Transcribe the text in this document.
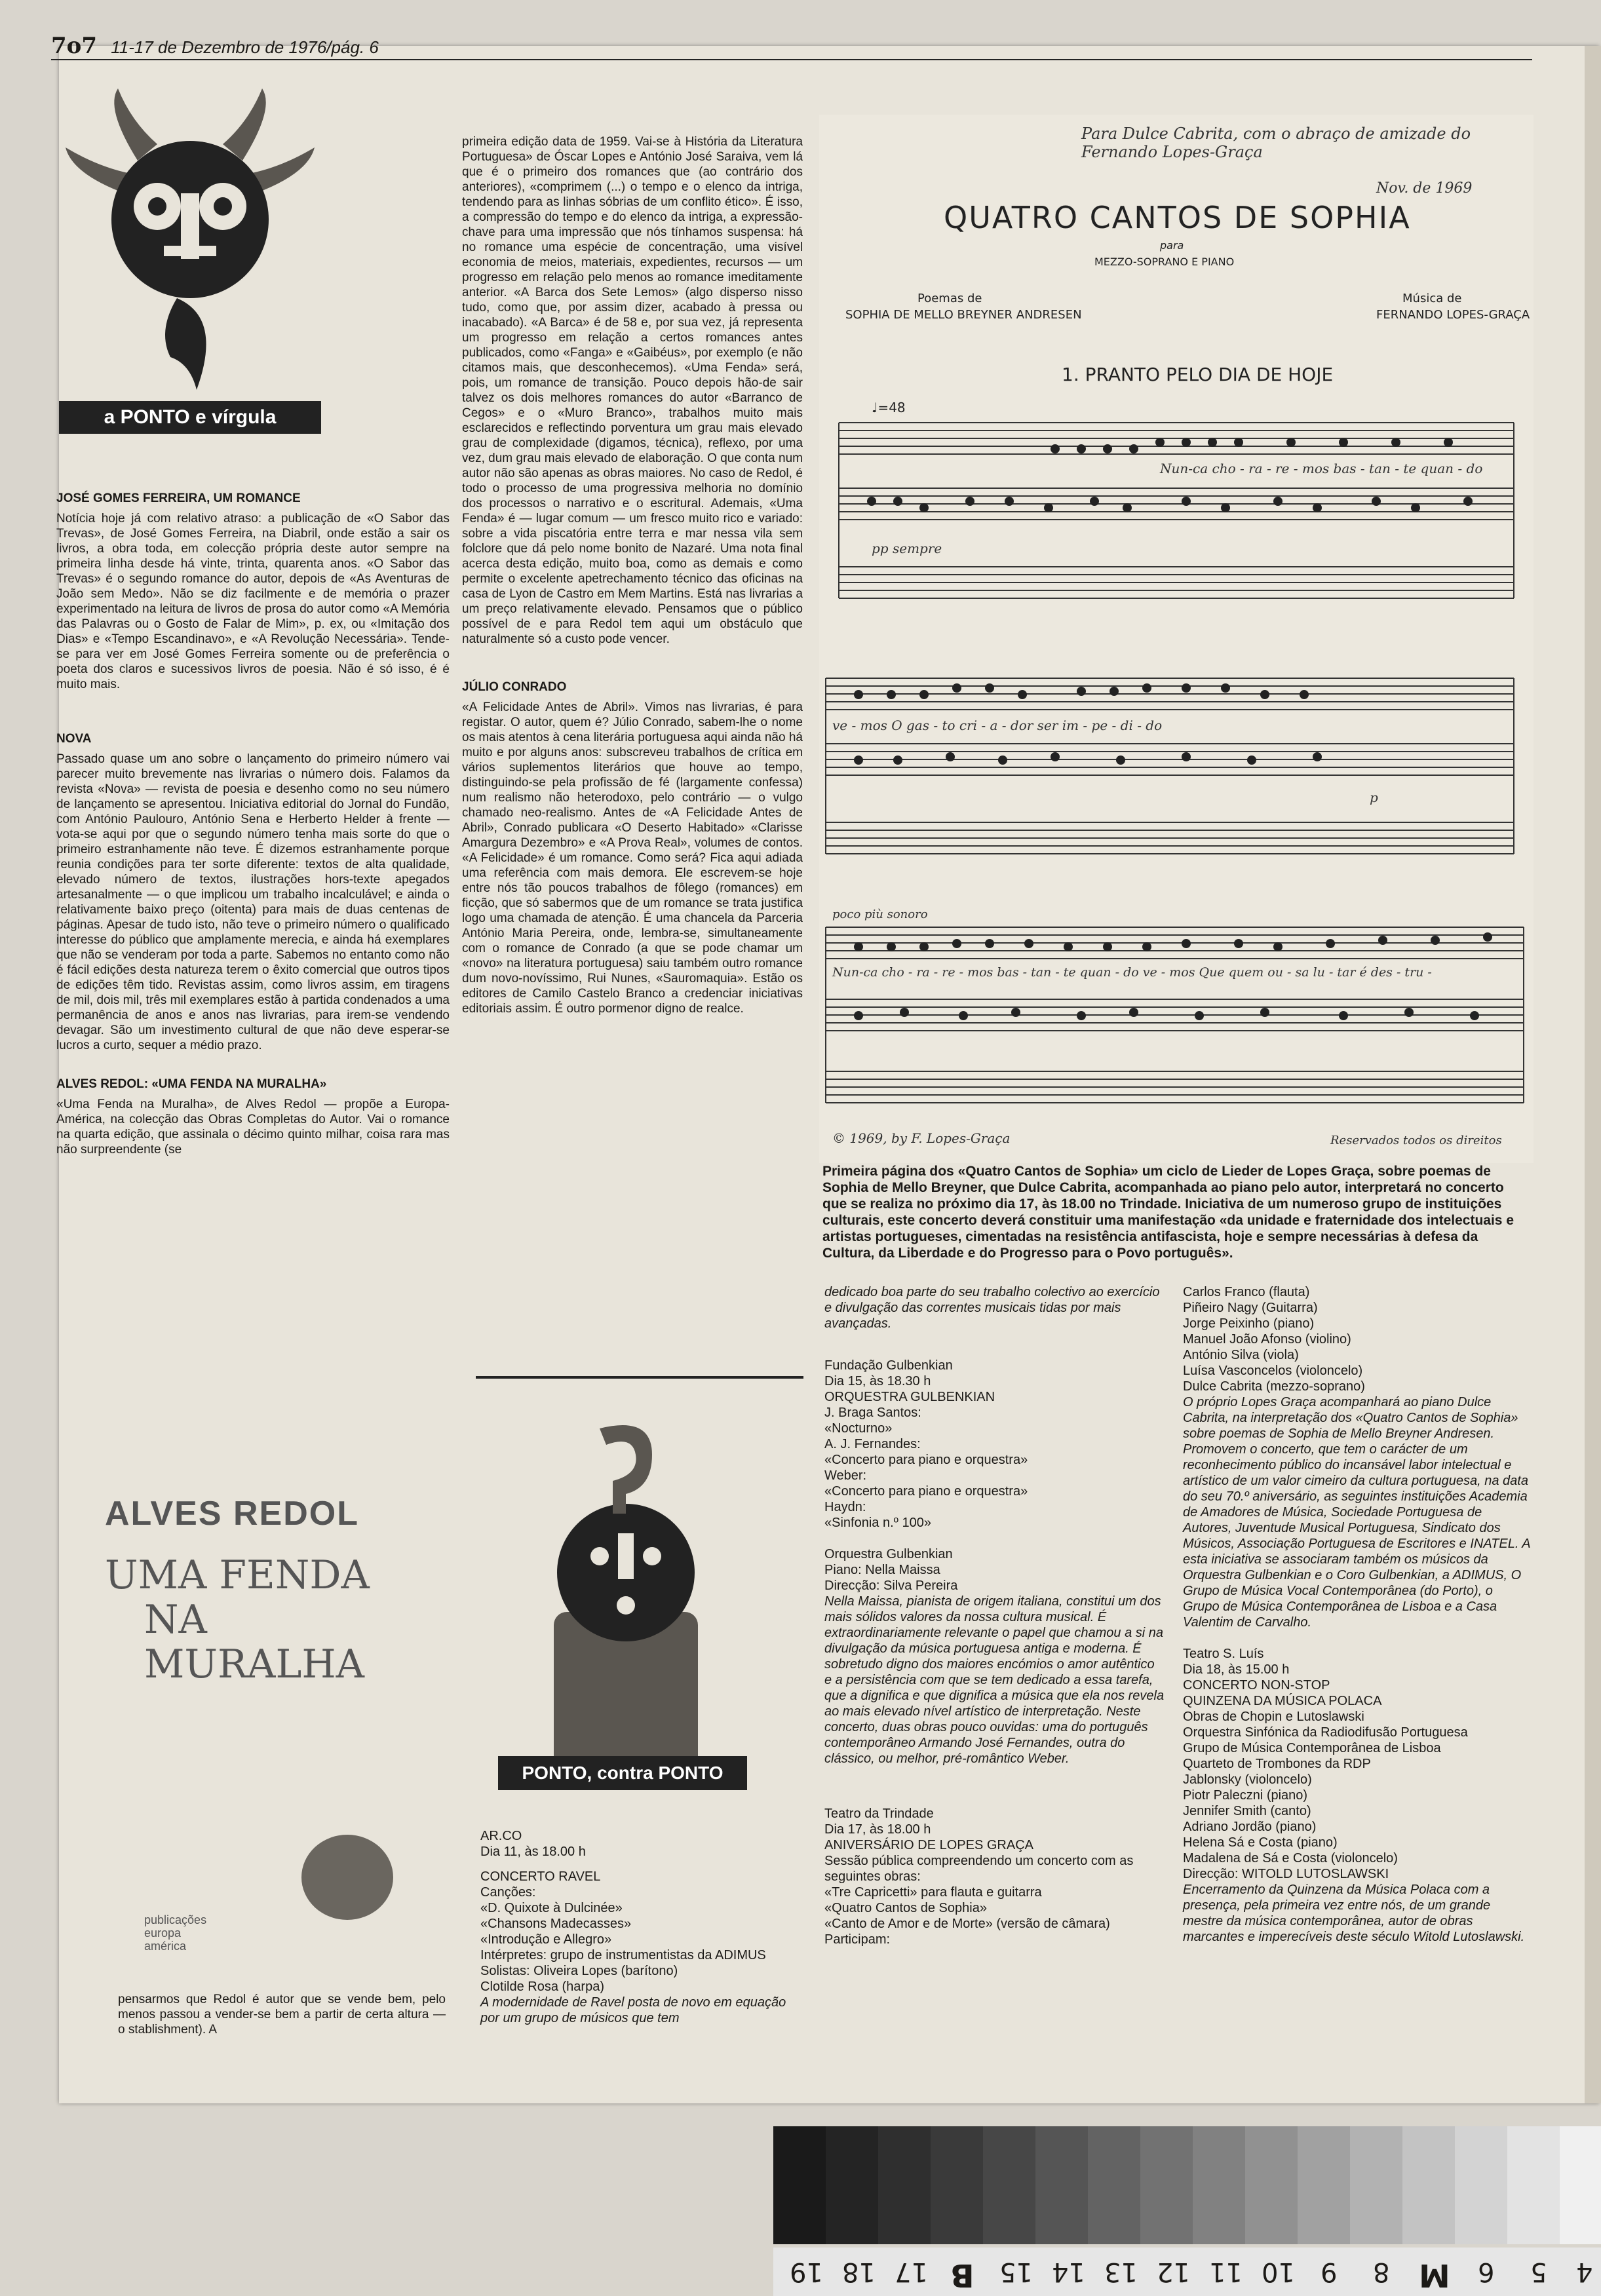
7o7 11-17 de Dezembro de 1976/pág. 6
a PONTO e vírgula
JOSÉ GOMES FERREIRA, UM ROMANCE

Notícia hoje já com relativo atraso: a publicação de «O Sabor das Trevas», de José Gomes Ferreira, na Diabril, onde estão a sair os livros, a obra toda, em colecção própria deste autor sempre na primeira linha desde há vinte, trinta, quarenta anos. «O Sabor das Trevas» é o segundo romance do autor, depois de «As Aventuras de João sem Medo». Não se diz facilmente e de memória o prazer experimentado na leitura de livros de prosa do autor como «A Memória das Palavras ou o Gosto de Falar de Mim», p. ex, ou «Imitação dos Dias» e «Tempo Escandinavo», e «A Revolução Necessária». Tende-se para ver em José Gomes Ferreira somente ou de preferência o poeta dos claros e sucessivos livros de poesia. Não é só isso, é é muito mais.

NOVA

Passado quase um ano sobre o lançamento do primeiro número vai parecer muito brevemente nas livrarias o número dois. Falamos da revista «Nova» — revista de poesia e desenho como no seu número de lançamento se apresentou. Iniciativa editorial do Jornal do Fundão, com António Paulouro, António Sena e Herberto Helder à frente — vota-se aqui por que o segundo número tenha mais sorte do que o primeiro estranhamente não teve. É dizemos estranhamente porque reunia condições para ter sorte diferente: textos de alta qualidade, elevado número de textos, ilustrações hors-texte apegados artesanalmente — o que implicou um trabalho incalculável; e ainda o relativamente baixo preço (oitenta) para mais de duas centenas de páginas. Apesar de tudo isto, não teve o primeiro número o qualificado interesse do público que amplamente merecia, e ainda há exemplares que não se venderam por toda a parte. Sabemos no entanto como não é fácil edições desta natureza terem o êxito comercial que outros tipos de edições têm tido. Revistas assim, como livros assim, em tiragens de mil, dois mil, três mil exemplares estão à partida condenados a uma permanência de anos e anos nas livrarias, para irem-se vendendo devagar. São um investimento cultural de que não deve esperar-se lucros a curto, sequer a médio prazo.

ALVES REDOL: «UMA FENDA NA MURALHA»

«Uma Fenda na Muralha», de Alves Redol — propõe a Europa-América, na colecção das Obras Completas do Autor. Vai o romance na quarta edição, que assinala o décimo quinto milhar, coisa rara mas não surpreendente (se

ALVES REDOL
UMA FENDA
NA
MURALHA
publicações
europa
américa

pensarmos que Redol é autor que se vende bem, pelo menos passou a vender-se bem a partir de certa altura — o stablishment). A

primeira edição data de 1959. Vai-se à História da Literatura Portuguesa» de Óscar Lopes e António José Saraiva, vem lá que é o primeiro dos romances que (ao contrário dos anteriores), «comprimem (...) o tempo e o elenco da intriga, tendendo para as linhas sóbrias de um conflito ético». É isso, a compressão do tempo e do elenco da intriga, a expressão-chave para uma impressão que nós tínhamos suspensa: há no romance uma espécie de concentração, uma visível economia de meios, materiais, expedientes, recursos — um progresso em relação pelo menos ao romance imeditamente anterior. «A Barca dos Sete Lemos» (algo disperso nisso tudo, como que, por assim dizer, acabado à pressa ou inacabado). «A Barca» é de 58 e, por sua vez, já representa um progresso em relação a certos romances antes publicados, como «Fanga» e «Gaibéus», por exemplo (e não citamos mais, que desconhecemos). «Uma Fenda» será, pois, um romance de transição. Pouco depois hão-de sair talvez os dois melhores romances do autor «Barranco de Cegos» e o «Muro Branco», trabalhos muito mais esclarecidos e reflectindo porventura um grau mais elevado grau de complexidade (digamos, técnica), reflexo, por uma vez, dum grau mais elevado de elaboração. O que conta num autor não são apenas as obras maiores. No caso de Redol, é todo o processo de uma progressiva melhoria no domínio dos processos o narrativo e o escritural. Ademais, «Uma Fenda» é — lugar comum — um fresco muito rico e variado: sobre a vida piscatória entre terra e mar nessa vila sem folclore que dá pelo nome bonito de Nazaré. Uma nota final acerca desta edição, muito boa, como as demais e como permite o excelente apetrechamento técnico das oficinas na casa de Lyon de Castro em Mem Martins. Está nas livrarias a um preço relativamente elevado. Pensamos que o público possível de e para Redol tem aqui um obstáculo que naturalmente só a custo pode vencer.

JÚLIO CONRADO

«A Felicidade Antes de Abril». Vimos nas livrarias, é para registar. O autor, quem é? Júlio Conrado, sabem-lhe o nome os mais atentos à cena literária portuguesa aqui ainda não há muito e por alguns anos: subscreveu trabalhos de crítica em vários suplementos literários que houve ao tempo, distinguindo-se pela profissão de fé (largamente confessa) num realismo não heterodoxo, pelo contrário — o vulgo chamado neo-realismo. Antes de «A Felicidade Antes de Abril», Conrado publicara «O Deserto Habitado» «Clarisse Amargura Dezembro» e «A Prova Real», volumes de contos. «A Felicidade» é um romance. Como será? Fica aqui adiada uma referência com mais demora. Ele escrevem-se hoje entre nós tão poucos trabalhos de fôlego (romances) em ficção, que só sabermos que de um romance se trata justifica logo uma chamada de atenção. É uma chancela da Parceria António Maria Pereira, onde, lembra-se, simultaneamente com o romance de Conrado (a que se pode chamar um «novo» na literatura portuguesa) saiu também outro romance dum novo-novíssimo, Rui Nunes, «Sauromaquia». Estão os editores de Camilo Castelo Branco a credenciar iniciativas editoriais assim. É outro pormenor digno de realce.

PONTO, contra PONTO

AR.CO

Dia 11, às 18.00 h

CONCERTO RAVEL

Canções:

«D. Quixote à Dulcinée»

«Chansons Madecasses»

«Introdução e Allegro»

Intérpretes: grupo de instrumentistas da ADIMUS

Solistas: Oliveira Lopes (barítono)

Clotilde Rosa (harpa)

A modernidade de Ravel posta de novo em equação por um grupo de músicos que tem

Para Dulce Cabrita, com o abraço de amizade do Fernando Lopes-Graça
Nov. de 1969
QUATRO CANTOS DE SOPHIA
para
MEZZO-SOPRANO E PIANO
Poemas de
SOPHIA DE MELLO BREYNER ANDRESEN
Música de
FERNANDO LOPES-GRAÇA
1. PRANTO PELO DIA DE HOJE
♩=48
Nun-ca cho - ra - re - mos bas - tan - te quan - do
pp sempre
ve - mos O gas - to cri - a - dor ser im - pe - di - do
p
poco più sonoro
Nun-ca cho - ra - re - mos bas - tan - te quan - do ve - mos Que quem ou - sa lu - tar é des - tru -
© 1969, by F. Lopes-Graça	Reservados todos os direitos
Primeira página dos «Quatro Cantos de Sophia» um ciclo de Lieder de Lopes Graça, sobre poemas de Sophia de Mello Breyner, que Dulce Cabrita, acompanhada ao piano pelo autor, interpretará no concerto que se realiza no próximo dia 17, às 18.00 no Trindade. Iniciativa de um numeroso grupo de instituições culturais, este concerto deverá constituir uma manifestação «da unidade e fraternidade dos intelectuais e artistas portugueses, cimentadas na resistência antifascista, hoje e sempre necessárias à defesa da Cultura, da Liberdade e do Progresso para o Povo português».

dedicado boa parte do seu trabalho colectivo ao exercício e divulgação das correntes musicais tidas por mais avançadas.

Fundação Gulbenkian

Dia 15, às 18.30 h

ORQUESTRA GULBENKIAN

J. Braga Santos:

«Nocturno»

A. J. Fernandes:

«Concerto para piano e orquestra»

Weber:

«Concerto para piano e orquestra»

Haydn:

«Sinfonia n.º 100»

Orquestra Gulbenkian

Piano: Nella Maissa

Direcção: Silva Pereira

Nella Maissa, pianista de origem italiana, constitui um dos mais sólidos valores da nossa cultura musical. É extraordinariamente relevante o papel que chamou a si na divulgação da música portuguesa antiga e moderna. É sobretudo digno dos maiores encómios o amor autêntico e a persistência com que se tem dedicado a essa tarefa, que a dignifica e que dignifica a música que ela nos revela ao mais elevado nível artístico de interpretação. Neste concerto, duas obras pouco ouvidas: uma do português contemporâneo Armando José Fernandes, outra do clássico, ou melhor, pré-romântico Weber.

Teatro da Trindade

Dia 17, às 18.00 h

ANIVERSÁRIO DE LOPES GRAÇA

Sessão pública compreendendo um concerto com as seguintes obras:

«Tre Capricetti» para flauta e guitarra

«Quatro Cantos de Sophia»

«Canto de Amor e de Morte» (versão de câmara)

Participam:

Carlos Franco (flauta)

Piñeiro Nagy (Guitarra)

Jorge Peixinho (piano)

Manuel João Afonso (violino)

António Silva (viola)

Luísa Vasconcelos (violoncelo)

Dulce Cabrita (mezzo-soprano)

O próprio Lopes Graça acompanhará ao piano Dulce Cabrita, na interpretação dos «Quatro Cantos de Sophia» sobre poemas de Sophia de Mello Breyner Andresen. Promovem o concerto, que tem o carácter de um reconhecimento público do incansável labor intelectual e artístico de um valor cimeiro da cultura portuguesa, na data do seu 70.º aniversário, as seguintes instituições Academia de Amadores de Música, Sociedade Portuguesa de Autores, Juventude Musical Portuguesa, Sindicato dos Músicos, Associação Portuguesa de Escritores e INATEL. A esta iniciativa se associaram também os músicos da Orquestra Gulbenkian e o Coro Gulbenkian, a ADIMUS, O Grupo de Música Vocal Contemporânea (do Porto), o Grupo de Música Contemporânea de Lisboa e a Casa Valentim de Carvalho.

Teatro S. Luís

Dia 18, às 15.00 h

CONCERTO NON-STOP

QUINZENA DA MÚSICA POLACA

Obras de Chopin e Lutoslawski

Orquestra Sinfónica da Radiodifusão Portuguesa

Grupo de Música Contemporânea de Lisboa

Quarteto de Trombones da RDP

Jablonsky (violoncelo)

Piotr Paleczni (piano)

Jennifer Smith (canto)

Adriano Jordão (piano)

Helena Sá e Costa (piano)

Madalena de Sá e Costa (violoncelo)

Direcção: WITOLD LUTOSLAWSKI

Encerramento da Quinzena da Música Polaca com a presença, pela primeira vez entre nós, de um grande mestre da música contemporânea, autor de obras marcantes e imperecíveis deste século Witold Lutoslawski.

19 18 17 B 15 14 13 12 11 10 9 8 M 6 5 4
